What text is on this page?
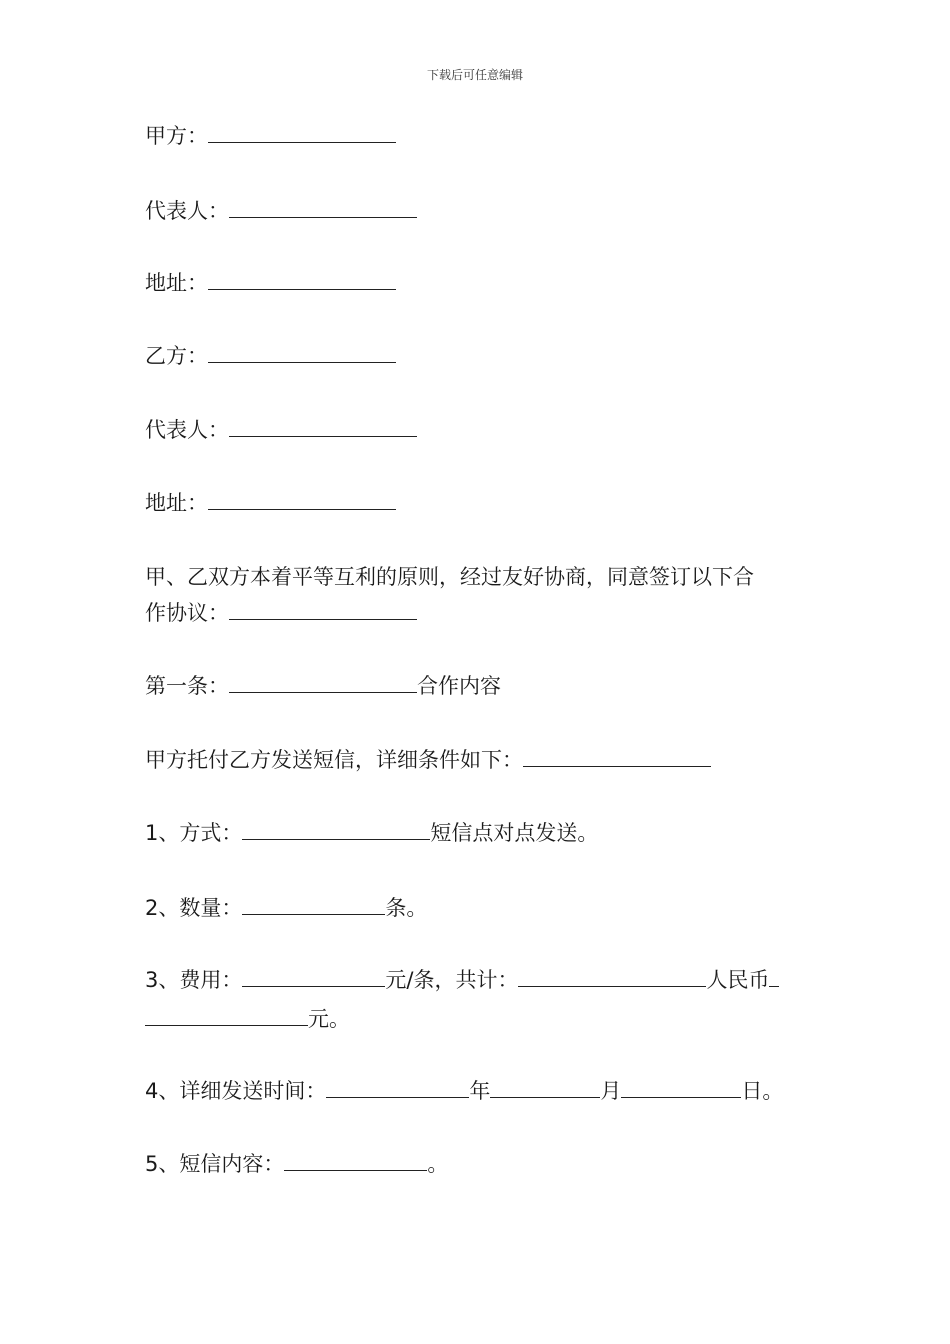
下载后可任意编辑
甲方：
代表人：
地址：
乙方：
代表人：
地址：
甲、乙双方本着平等互利的原则，经过友好协商，同意签订以下合
作协议：
第一条：	合作内容
甲方托付乙方发送短信，详细条件如下：
1、方式：	短信点对点发送。
2、数量：	条。
3、费用：	元/条，共计：	人民币
元。
4、详细发送时间：	年	月	日。
5、短信内容：	。
